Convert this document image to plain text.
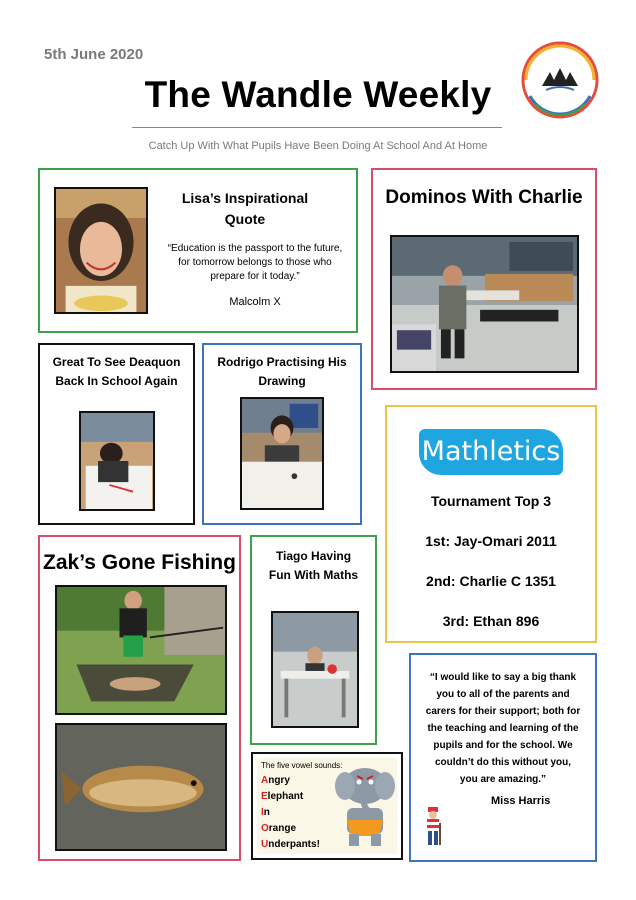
5th June 2020
The Wandle Weekly
Catch Up With What Pupils Have Been Doing At School And At Home
Lisa’s Inspirational
Quote
“Education is the passport to the future,
for tomorrow belongs to those who
prepare for it today.”
Malcolm X
Dominos With Charlie
Great To See Deaquon
Back In School Again
Rodrigo Practising His
Drawing
Mathletics
Tournament Top 3
1st: Jay-Omari 2011
2nd: Charlie C 1351
3rd: Ethan 896
Zak’s Gone Fishing	Tiago Having
Fun With Maths
The five vowel sounds:
Angry
Elephant
In
Orange
Underpants!
“I would like to say a big thank
you to all of the parents and
carers for their support; both for
the teaching and learning of the
pupils and for the school. We
couldn’t do this without you,
you are amazing.”
Miss Harris
